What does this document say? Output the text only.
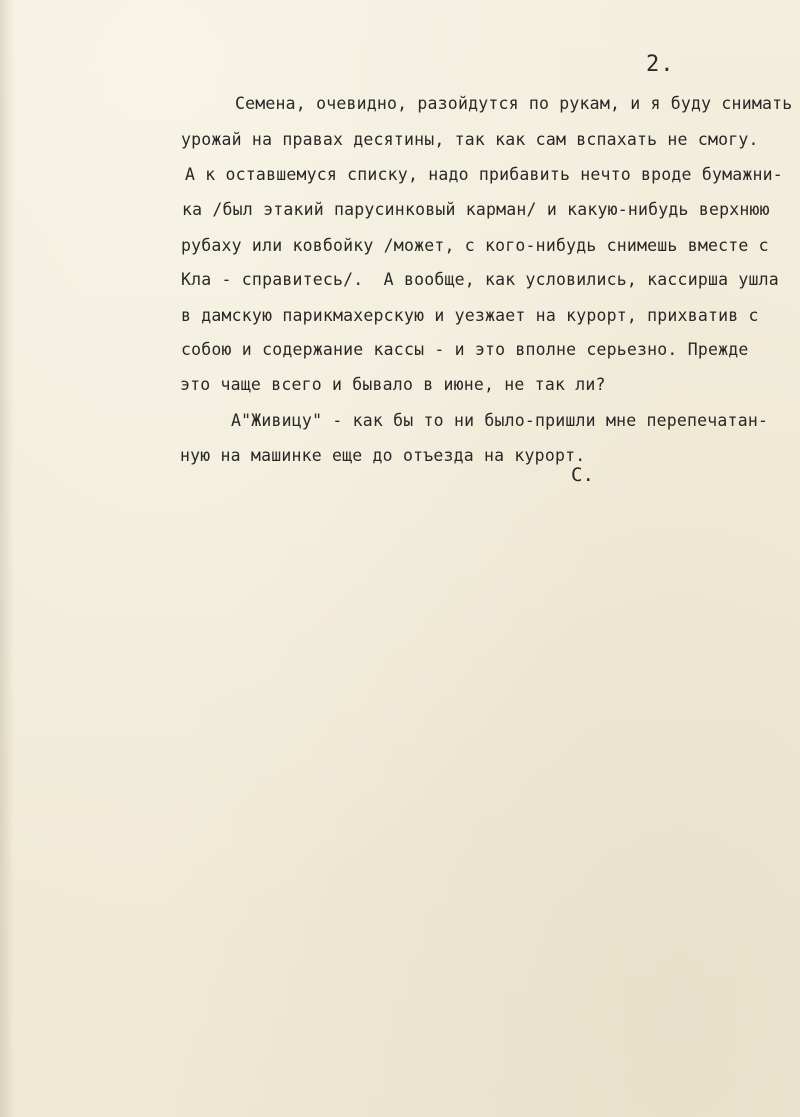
2.
Семена, очевидно, разойдутся по рукам, и я буду снимать
урожай на правах десятины, так как сам вспахать не смогу.
А к оставшемуся списку, надо прибавить нечто вроде бумажни-
ка /был этакий парусинковый карман/ и какую-нибудь верхнюю
рубаху или ковбойку /может, с кого-нибудь снимешь вместе с
Кла - справитесь/.  А вообще, как условились, кассирша ушла
в дамскую парикмахерскую и уезжает на курорт, прихватив с
собою и содержание кассы - и это вполне серьезно. Прежде
это чаще всего и бывало в июне, не так ли?
А"Живицу" - как бы то ни было-пришли мне перепечатан-
ную на машинке еще до отъезда на курорт.
С.
